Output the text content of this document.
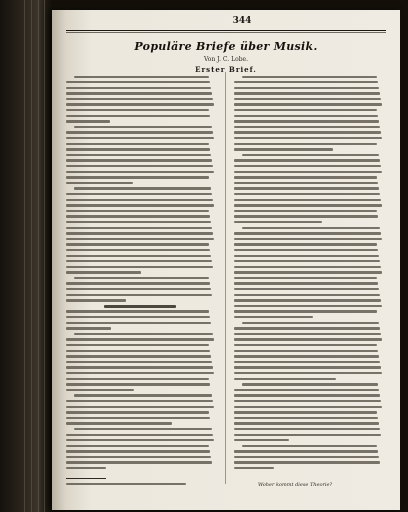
344
Populäre Briefe über Musik.
Von J. C. Lobe.
Erster Brief.
Woher kommt diese Theorie?
